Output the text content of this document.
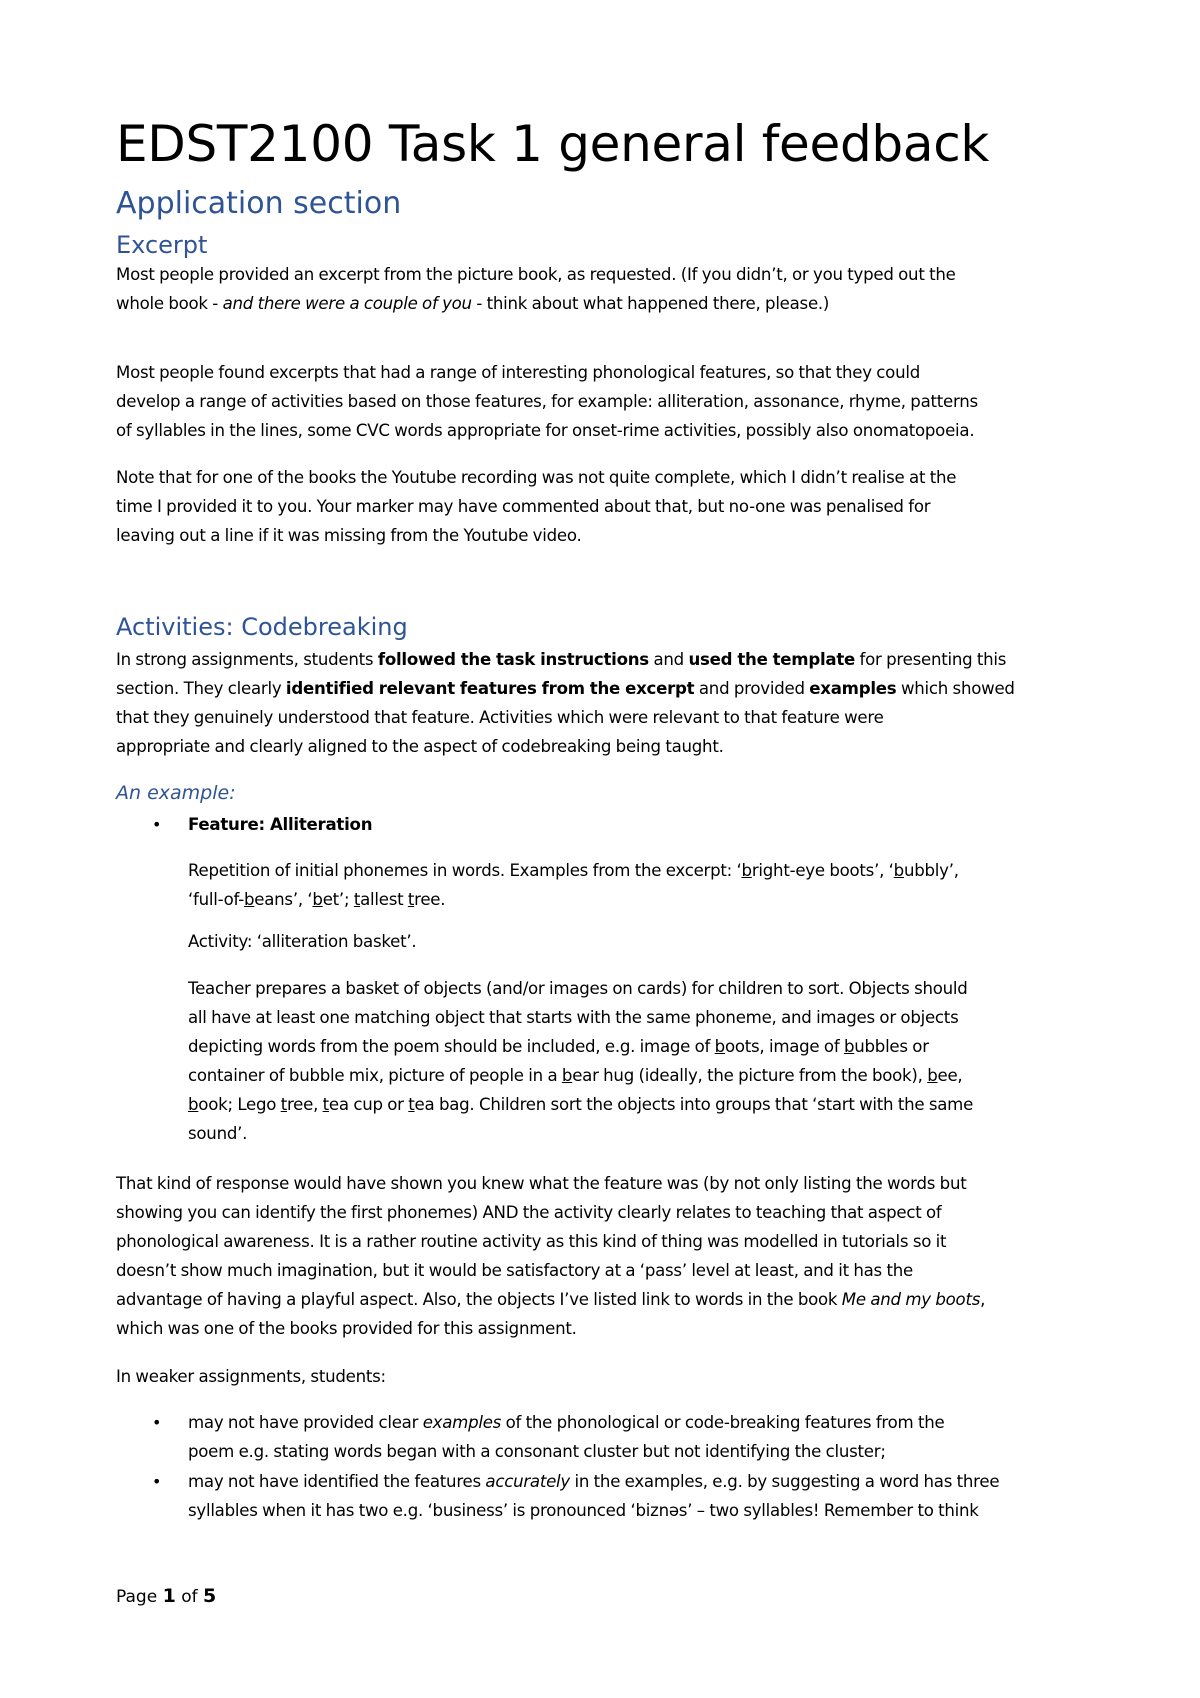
EDST2100 Task 1 general feedback
Application section
Excerpt
Most people provided an excerpt from the picture book, as requested. (If you didn’t, or you typed out the
whole book - and there were a couple of you - think about what happened there, please.)
Most people found excerpts that had a range of interesting phonological features, so that they could
develop a range of activities based on those features, for example: alliteration, assonance, rhyme, patterns
of syllables in the lines, some CVC words appropriate for onset-rime activities, possibly also onomatopoeia.
Note that for one of the books the Youtube recording was not quite complete, which I didn’t realise at the
time I provided it to you. Your marker may have commented about that, but no-one was penalised for
leaving out a line if it was missing from the Youtube video.
Activities: Codebreaking
In strong assignments, students followed the task instructions and used the template for presenting this
section. They clearly identified relevant features from the excerpt and provided examples which showed
that they genuinely understood that feature. Activities which were relevant to that feature were
appropriate and clearly aligned to the aspect of codebreaking being taught.
An example:
• Feature: Alliteration
Repetition of initial phonemes in words. Examples from the excerpt: ‘bright-eye boots’, ‘bubbly’,
‘full-of-beans’, ‘bet’; tallest tree.
Activity: ‘alliteration basket’.
Teacher prepares a basket of objects (and/or images on cards) for children to sort. Objects should
all have at least one matching object that starts with the same phoneme, and images or objects
depicting words from the poem should be included, e.g. image of boots, image of bubbles or
container of bubble mix, picture of people in a bear hug (ideally, the picture from the book), bee,
book; Lego tree, tea cup or tea bag. Children sort the objects into groups that ‘start with the same
sound’.
That kind of response would have shown you knew what the feature was (by not only listing the words but
showing you can identify the first phonemes) AND the activity clearly relates to teaching that aspect of
phonological awareness. It is a rather routine activity as this kind of thing was modelled in tutorials so it
doesn’t show much imagination, but it would be satisfactory at a ‘pass’ level at least, and it has the
advantage of having a playful aspect. Also, the objects I’ve listed link to words in the book Me and my boots,
which was one of the books provided for this assignment.
In weaker assignments, students:
• may not have provided clear examples of the phonological or code-breaking features from the
poem e.g. stating words began with a consonant cluster but not identifying the cluster;
• may not have identified the features accurately in the examples, e.g. by suggesting a word has three
syllables when it has two e.g. ‘business’ is pronounced ‘biznəs’ – two syllables! Remember to think
Page 1 of 5
